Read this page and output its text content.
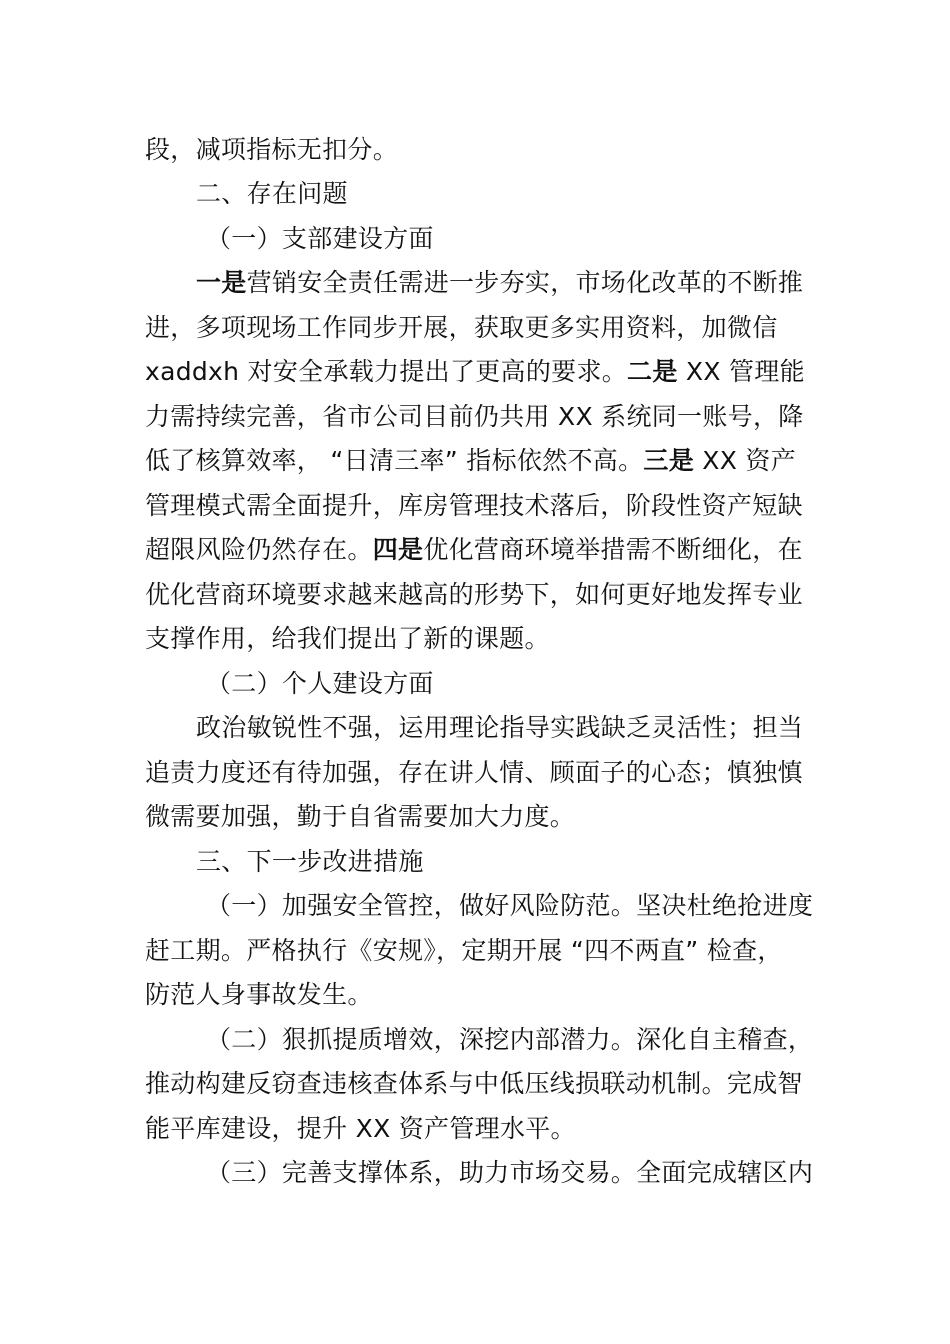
段，减项指标无扣分。
二、存在问题
（一）支部建设方面
一是营销安全责任需进一步夯实，市场化改革的不断推
进，多项现场工作同步开展，获取更多实用资料，加微信
xaddxh 对安全承载力提出了更高的要求。二是 XX 管理能
力需持续完善，省市公司目前仍共用 XX 系统同一账号，降
低了核算效率， “日清三率” 指标依然不高。三是 XX 资产
管理模式需全面提升，库房管理技术落后，阶段性资产短缺
超限风险仍然存在。四是优化营商环境举措需不断细化，在
优化营商环境要求越来越高的形势下，如何更好地发挥专业
支撑作用，给我们提出了新的课题。
（二）个人建设方面
政治敏锐性不强，运用理论指导实践缺乏灵活性；担当
追责力度还有待加强，存在讲人情、顾面子的心态；慎独慎
微需要加强，勤于自省需要加大力度。
三、下一步改进措施
（一）加强安全管控，做好风险防范。坚决杜绝抢进度
赶工期。严格执行《安规》，定期开展 “四不两直” 检查，
防范人身事故发生。
（二）狠抓提质增效，深挖内部潜力。深化自主稽查，
推动构建反窃查违核查体系与中低压线损联动机制。完成智
能平库建设，提升 XX 资产管理水平。
（三）完善支撑体系，助力市场交易。全面完成辖区内
